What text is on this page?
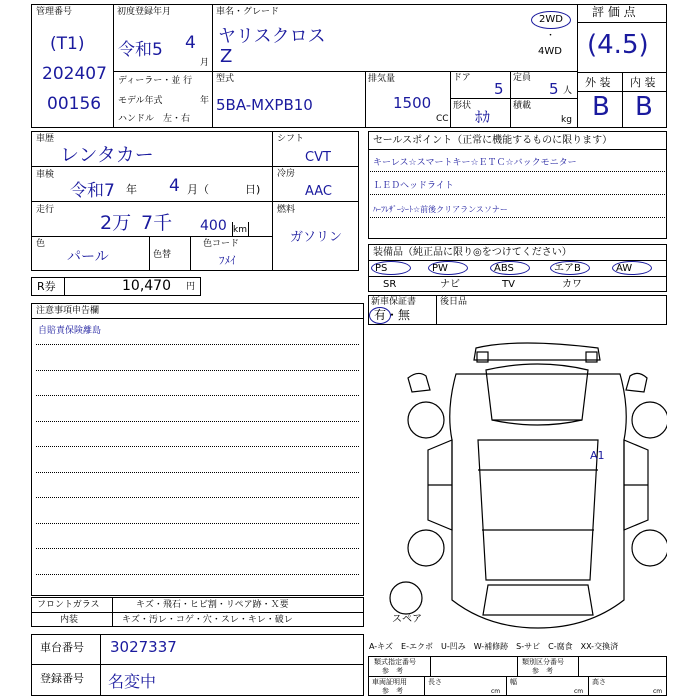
管理番号
(T1)
202407
00156
初度登録年月
令和5 4
月
車名・グレード
ヤリスクロス
Z
2WD
・
4WD
評 価 点
(4.5)
外 装 内 装
B B
ディーラー・並 行
モデル年式	年
ハンドル　左・右
型式
5BA-MXPB10
排気量
1500
CC
ドア
5
定員
5 人
形状
ﾎｶ
積載
kg
車歴
レンタカー
シフト
CVT
車検
令和7 年 4 月（	日)
冷房
AAC
走行
2万 7千 400 km
燃料
ガソリン
色
パール	色替
色コード
ﾌﾒｲ
R券	10,470 円
セールスポイント（正常に機能するものに限ります）
キーレス☆スマートキー☆ＥＴＣ☆バックモニター
ＬＥＤヘッドライト
ﾊｰﾌﾚｻﾞｰｼｰﾄ☆前後クリアランスソナー
装備品（純正品に限り◎をつけてください）
PS	PW	ABS	エアB	AW
SR	ナビ	TV	カワ
新車保証書
有・無
後日品
注意事項申告欄
自賠責保険離島
A1
スペア
フロントガラス	キズ・飛石・ヒビ割・リペア跡・Ｘ要
内装	キズ・汚レ・コゲ・穴・スレ・キレ・破レ
車台番号 3027337
登録番号 名変中
A-キズ　E-エクボ　U-凹み　W-補修跡　S-サビ　C-腐食　XX-交換済
類式指定番号
参　考
類別区分番号
参　考
車両証明用
参　考
長さ
cm
幅
cm
高さ
cm
